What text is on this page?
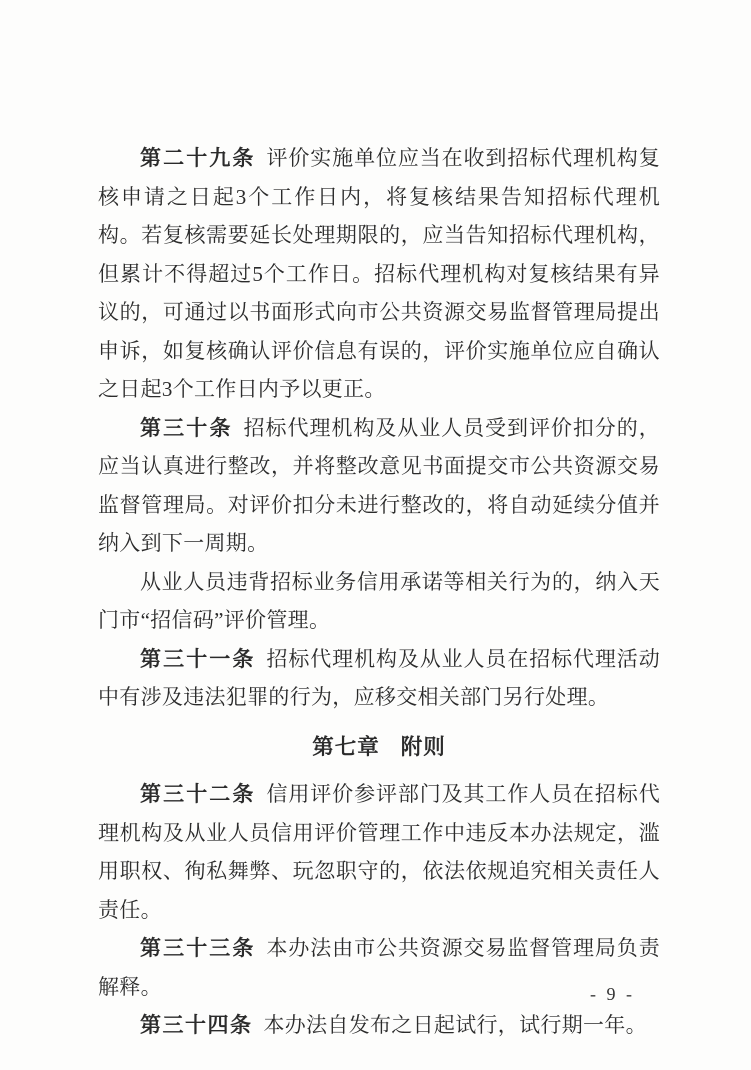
第二十九条 评价实施单位应当在收到招标代理机构复核申请之日起3个工作日内，将复核结果告知招标代理机构。若复核需要延长处理期限的，应当告知招标代理机构，但累计不得超过5个工作日。招标代理机构对复核结果有异议的，可通过以书面形式向市公共资源交易监督管理局提出申诉，如复核确认评价信息有误的，评价实施单位应自确认之日起3个工作日内予以更正。

第三十条 招标代理机构及从业人员受到评价扣分的，应当认真进行整改，并将整改意见书面提交市公共资源交易监督管理局。对评价扣分未进行整改的，将自动延续分值并纳入到下一周期。

从业人员违背招标业务信用承诺等相关行为的，纳入天门市“招信码”评价管理。

第三十一条 招标代理机构及从业人员在招标代理活动中有涉及违法犯罪的行为，应移交相关部门另行处理。

第七章 附则

第三十二条 信用评价参评部门及其工作人员在招标代理机构及从业人员信用评价管理工作中违反本办法规定，滥用职权、徇私舞弊、玩忽职守的，依法依规追究相关责任人责任。

第三十三条 本办法由市公共资源交易监督管理局负责解释。

第三十四条 本办法自发布之日起试行，试行期一年。

- 9 -
